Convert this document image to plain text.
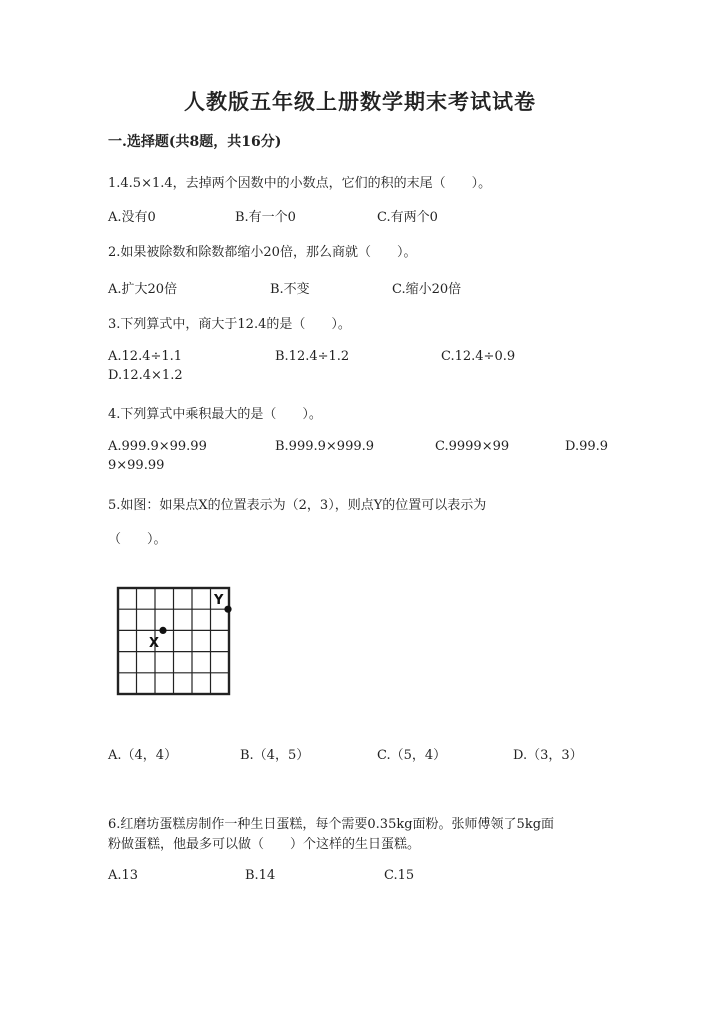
人教版五年级上册数学期末考试试卷
一.选择题(共8题，共16分)
1.4.5×1.4，去掉两个因数中的小数点，它们的积的末尾（　　）。
A.没有0	B.有一个0	C.有两个0
2.如果被除数和除数都缩小20倍，那么商就（　　）。
A.扩大20倍	B.不变	C.缩小20倍
3.下列算式中，商大于12.4的是（　　）。
A.12.4÷1.1	B.12.4÷1.2	C.12.4÷0.9
D.12.4×1.2
4.下列算式中乘积最大的是（　　）。
A.999.9×99.99	B.999.9×999.9	C.9999×99	D.99.9
9×99.99
5.如图：如果点X的位置表示为（2，3），则点Y的位置可以表示为
（　　）。
X
Y
A.（4，4）	B.（4，5）	C.（5，4）	D.（3，3）
6.红磨坊蛋糕房制作一种生日蛋糕，每个需要0.35kg面粉。张师傅领了5kg面
粉做蛋糕，他最多可以做（　　）个这样的生日蛋糕。
A.13	B.14	C.15
